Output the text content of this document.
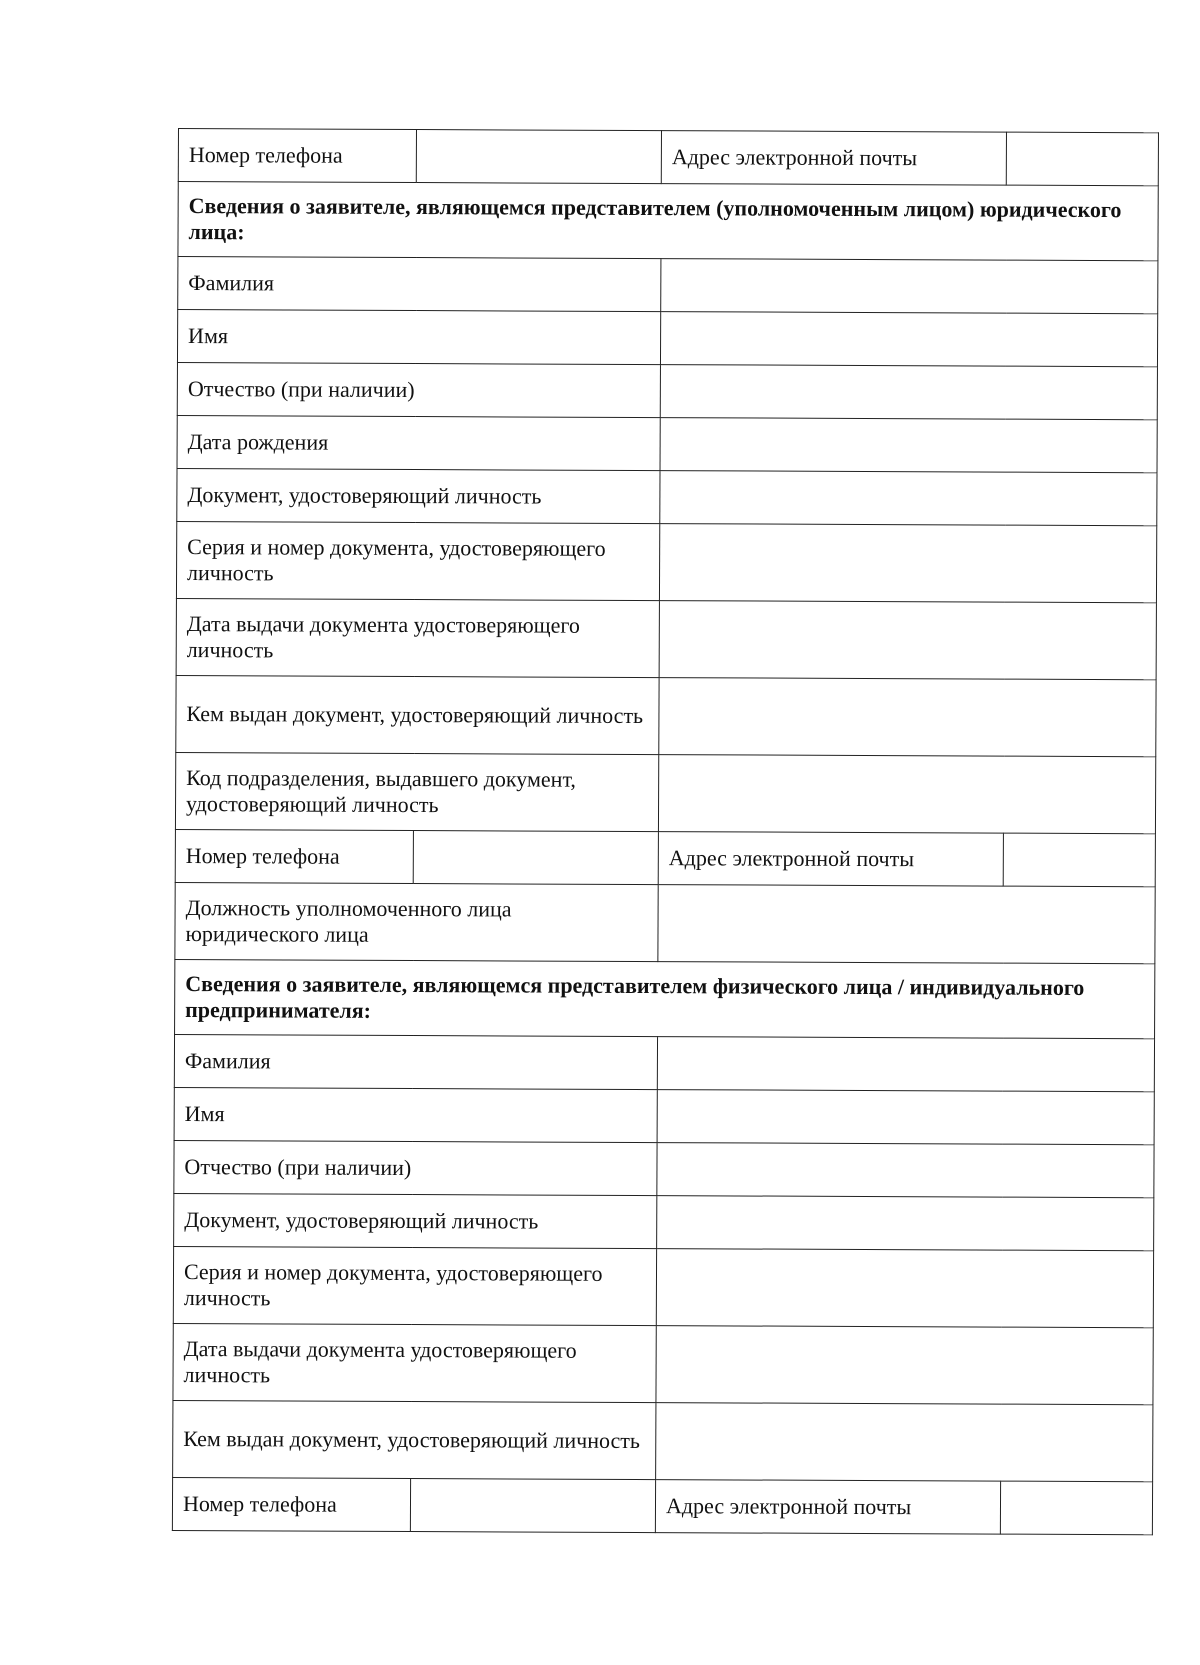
Номер телефона		Адрес электронной почты	
Сведения о заявителе, являющемся представителем (уполномоченным лицом) юридического лица:			
Фамилия			
Имя			
Отчество (при наличии)			
Дата рождения			
Документ, удостоверяющий личность			
Серия и номер документа, удостоверяющего личность			
Дата выдачи документа удостоверяющего личность			
Кем выдан документ, удостоверяющий личность			
Код подразделения, выдавшего документ, удостоверяющий личность			
Номер телефона		Адрес электронной почты	
Должность уполномоченного лица юридического лица			
Сведения о заявителе, являющемся представителем физического лица / индивидуального предпринимателя:			
Фамилия			
Имя			
Отчество (при наличии)			
Документ, удостоверяющий личность			
Серия и номер документа, удостоверяющего личность			
Дата выдачи документа удостоверяющего личность			
Кем выдан документ, удостоверяющий личность			
Номер телефона		Адрес электронной почты	
